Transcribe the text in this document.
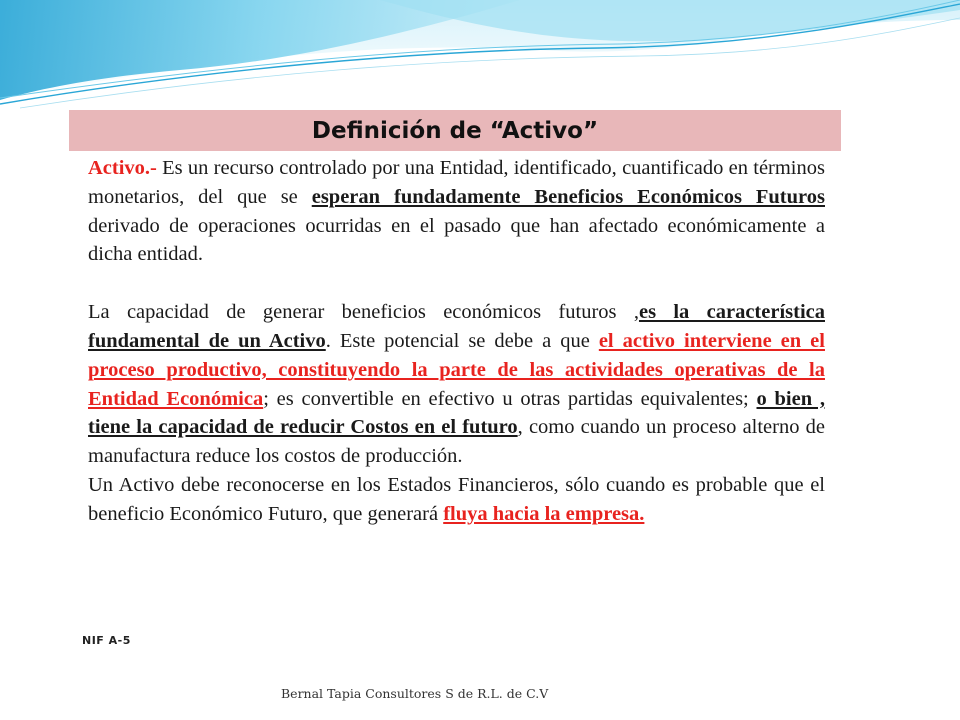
Definición de “Activo”

Activo.- Es un recurso controlado por una Entidad, identificado, cuantificado en términos monetarios, del que se esperan fundadamente Beneficios Económicos Futuros derivado de operaciones ocurridas en el pasado que han afectado económicamente a dicha entidad.

La capacidad de generar beneficios económicos futuros ,es la característica fundamental de un Activo. Este potencial se debe a que el activo interviene en el proceso productivo, constituyendo la parte de las actividades operativas de la Entidad Económica; es convertible en efectivo u otras partidas equivalentes; o bien , tiene la capacidad de reducir Costos en el futuro, como cuando un proceso alterno de manufactura reduce los costos de producción.

Un Activo debe reconocerse en los Estados Financieros, sólo cuando es probable que el beneficio Económico Futuro, que generará fluya hacia la empresa.

NIF A-5
Bernal Tapia Consultores S de R.L. de C.V
